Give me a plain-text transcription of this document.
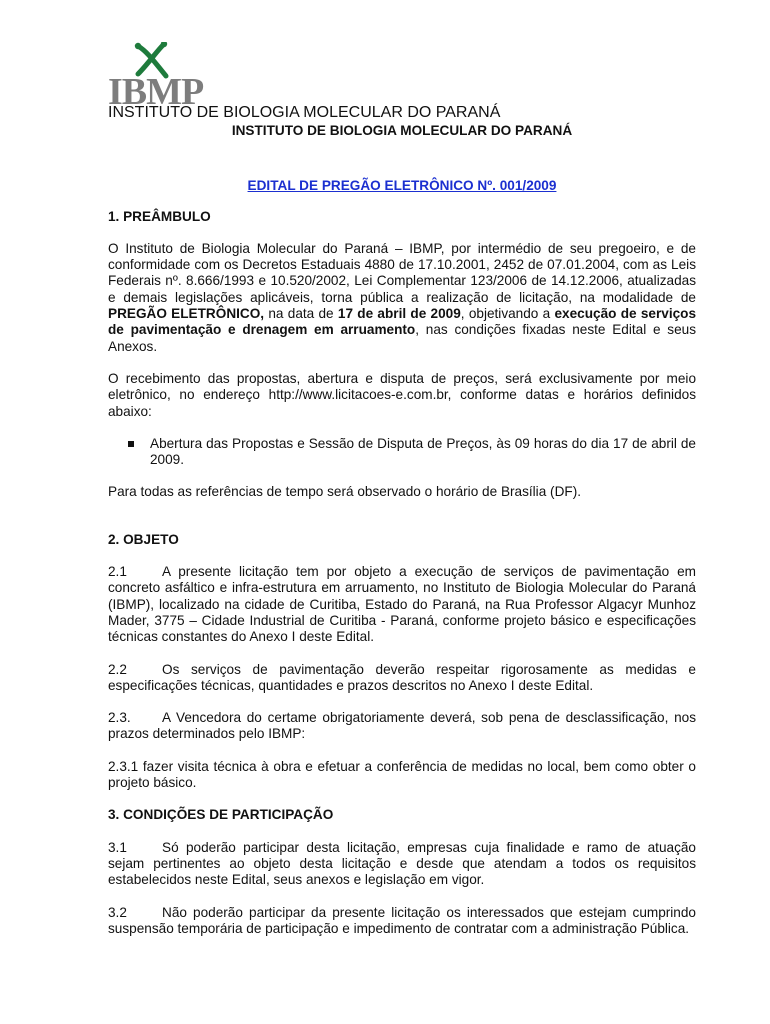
IBMP
INSTITUTO DE BIOLOGIA MOLECULAR DO PARANÁ
INSTITUTO DE BIOLOGIA MOLECULAR DO PARANÁ
EDITAL DE PREGÃO ELETRÔNICO Nº. 001/2009
1. PREÂMBULO

O Instituto de Biologia Molecular do Paraná – IBMP, por intermédio de seu pregoeiro, e de conformidade com os Decretos Estaduais 4880 de 17.10.2001, 2452 de 07.01.2004, com as Leis Federais nº. 8.666/1993 e 10.520/2002, Lei Complementar 123/2006 de 14.12.2006, atualizadas e demais legislações aplicáveis, torna pública a realização de licitação, na modalidade de PREGÃO ELETRÔNICO, na data de 17 de abril de 2009, objetivando a execução de serviços de pavimentação e drenagem em arruamento, nas condições fixadas neste Edital e seus Anexos.

O recebimento das propostas, abertura e disputa de preços, será exclusivamente por meio eletrônico, no endereço http://www.licitacoes-e.com.br, conforme datas e horários definidos abaixo:

Abertura das Propostas e Sessão de Disputa de Preços, às 09 horas do dia 17 de abril de 2009.

Para todas as referências de tempo será observado o horário de Brasília (DF).

2. OBJETO

2.1	A presente licitação tem por objeto a execução de serviços de pavimentação em concreto asfáltico e infra-estrutura em arruamento, no Instituto de Biologia Molecular do Paraná (IBMP), localizado na cidade de Curitiba, Estado do Paraná, na Rua Professor Algacyr Munhoz Mader, 3775 – Cidade Industrial de Curitiba - Paraná, conforme projeto básico e especificações técnicas constantes do Anexo I deste Edital.

2.2	Os serviços de pavimentação deverão respeitar rigorosamente as medidas e especificações técnicas, quantidades e prazos descritos no Anexo I deste Edital.

2.3. A Vencedora do certame obrigatoriamente deverá, sob pena de desclassificação, nos prazos determinados pelo IBMP:

2.3.1 fazer visita técnica à obra e efetuar a conferência de medidas no local, bem como obter o projeto básico.

3. CONDIÇÕES DE PARTICIPAÇÃO

3.1	Só poderão participar desta licitação, empresas cuja finalidade e ramo de atuação sejam pertinentes ao objeto desta licitação e desde que atendam a todos os requisitos estabelecidos neste Edital, seus anexos e legislação em vigor.

3.2	Não poderão participar da presente licitação os interessados que estejam cumprindo suspensão temporária de participação e impedimento de contratar com a administração Pública.
